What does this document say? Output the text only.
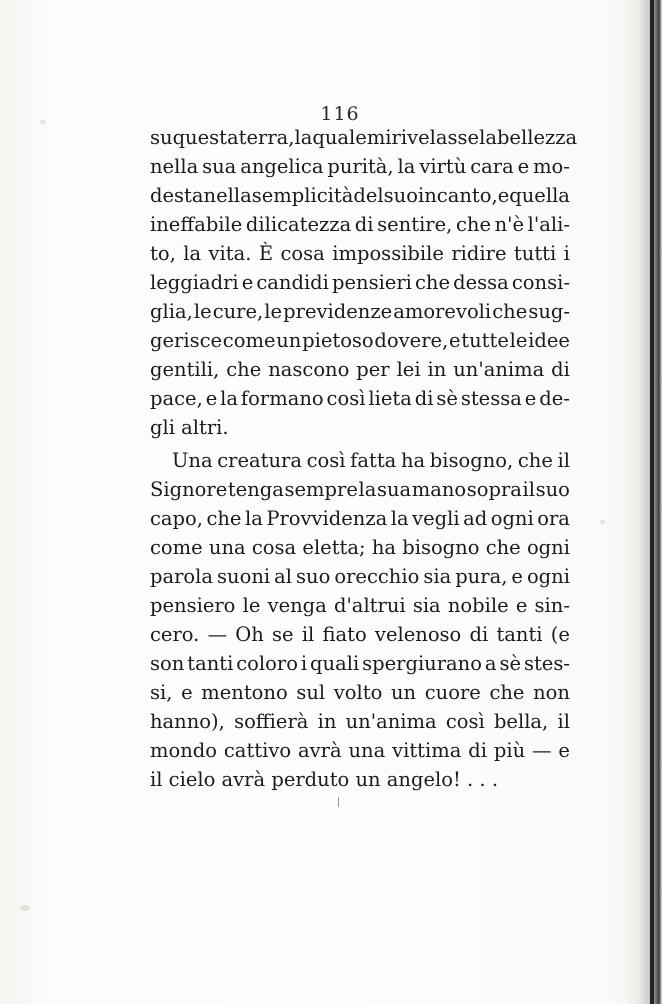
116
su questa terra, la quale mi rivelasse la bellezza
nella sua angelica purità, la virtù cara e mo-
desta nella semplicità del suo incanto, e quella
ineffabile dilicatezza di sentire, che n'è l'ali-
to, la vita. È cosa impossibile ridire tutti i
leggiadri e candidi pensieri che dessa consi-
glia, le cure, le previdenze amorevoli che sug-
gerisce come un pietoso dovere, e tutte le idee
gentili, che nascono per lei in un'anima di
pace, e la formano così lieta di sè stessa e de-
gli altri.
Una creatura così fatta ha bisogno, che il
Signore tenga sempre la sua mano sopra il suo
capo, che la Provvidenza la vegli ad ogni ora
come una cosa eletta; ha bisogno che ogni
parola suoni al suo orecchio sia pura, e ogni
pensiero le venga d'altrui sia nobile e sin-
cero. — Oh se il fiato velenoso di tanti (e
son tanti coloro i quali spergiurano a sè stes-
si, e mentono sul volto un cuore che non
hanno), soffierà in un'anima così bella, il
mondo cattivo avrà una vittima di più — e
il cielo avrà perduto un angelo! . . .
